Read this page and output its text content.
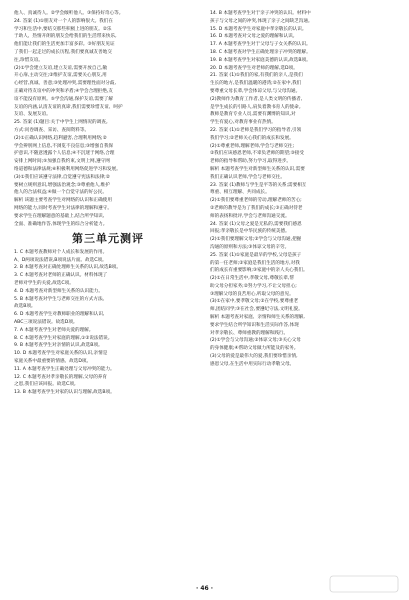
他人、真诚待人。②学会倾听他人。③保持好奇心等。
24. 答案 (1)①朋友对一个人的影响很大。我们在
学习和生活中,要结交那些积极上进的朋友。②乐
于助人、热情开朗的朋友会给我们的生活带来快乐,
他们能让我们的生活更加丰富多彩。③好朋友见证
了我们一起走过的成长历程,我们要真诚友善地交
往,珍惜友谊。
(2)①学会建立友谊,建立友谊,需要开放自己,敞
开心扉,主动交往;②维护友谊,需要关心朋友,用
心经营,真诚、善意;③处理冲突,需要理性面对分歧,
正确对待友谊中的冲突和矛盾;④学会合理拒绝,友
谊不能没有原则。⑤学会沟通,保护友谊,需要了解
友谊的内涵,认清友谊的真谛,我们需要珍惜友谊、呵护
友谊、发展友谊。
25. 答案 (1)题目:关于中学生上网情况的调查。
方式:问卷调查、采访、查阅资料等。
(2)①正确认识网络,趋利避害,合理利用网络;②
学会辨别网上信息,不浏览不良信息;③增强自我保
护意识,不随意透露个人信息;④不沉迷于网络,合理
安排上网时间;⑤加强自我约束,文明上网,遵守网
络道德和法律法规;⑥积极利用网络促进学习和发展。
(3)①我们应该遵守法律,自觉遵守宪法和法律;②
要树立规则意识,增强法治观念;③尊重他人,维护
他人的合法权益;④做一个自觉守法的好公民。
解析 该题主要考查学生对网络的认识和正确使用
网络的能力,同时考查学生对法律的理解和遵守。
要求学生在理解题意的基础上,结合所学知识,
全面、准确地作答,体现学生的综合分析能力。
第三单元测评
1. C 本题考查教师对个人成长和发展的作用。
A、D两项说法错误,B项说法片面。故选C项。
2. B 本题考查对正确处理师生关系的认识,故选B项。
3. C 本题考查对老师的正确认识。材料体现了
老师对学生的关爱,故选C项。
4. D 本题考查对新型师生关系的认识能力。
5. B 本题考查对学生与老师交往的方式方法。
故选B项。
6. D 本题考查学生对教师职业的理解和认识,
ABC三项说法错误。故选D项。
7. A 本题考查学生对老师关爱的理解。
8. C 本题考查学生对家庭的理解,①②说法错误。
9. B 本题考查学生对亲情的认识,故选B项。
10. D 本题考查学生对家庭关系的认识,亲情是
家庭关系中最重要的情感。故选D项。
11. A 本题考查学生正确处理与父母冲突的能力。
12. C 本题考查对孝亲敬长的理解,父母的养育
之恩,我们应该回报。故选C项。
13. B 本题考查学生对家的认识与理解,故选B项。
14. B 本题考查学生对于亲子冲突的认识。材料中
孩子与父母之间的冲突,体现了亲子之间缺乏沟通。
15. D 本题考查学生对家庭中孝亲敬长的认识。
16. D 本题考查对父母之爱的理解和认识。
17. A 本题考查学生对于父母与子女关系的认识。
18. C 本题考查对学生正确处理亲子冲突的理解。
19. B 本题考查学生对家庭美德的认识,故选B项。
20. D 本题考查学生对老师的理解,选D项。
21. 答案 (1)①我们的家,有我们的亲人,是我们
生长的地方,是我们温暖的港湾;②在家中,我们
要尊重父母长辈,学会体谅父母,与父母沟通。
(2)教师作为教育工作者,是人类文明的传播者,
是学生成长的引路人,肩负着教书育人的使命。
教师是教育专业人员,需要有渊博的知识,对
学生有爱心,对教育事业有热情。
22. 答案 (1)①老师是我们学习的指导者,引领
我们学习;②老师关心我们的成长和发展。
(2)①尊重老师,理解老师,学会与老师交往;
②我们应该感恩老师,不辜负老师的期望;③接受
老师的指导和帮助,努力学习,取得进步。
解析 本题考查学生对新型师生关系的认识,需要
我们正确认识老师,学会与老师交往。
23. 答案 (1)教师与学生是平等的关系;需要相互
尊重、相互理解、共同成长。
(2)①我们要尊重老师的劳动,理解老师的苦心;
②老师的教导是为了我们的成长;③正确对待老
师的表扬和批评,学会与老师沟通交流。
24. 答案 (1)父母之爱是无私的,需要我们感恩
回报;孝亲敬长是中华民族的传统美德。
(2)①我们要理解父母;②学会与父母沟通,把握
沟通的原则和方法;③体谅父母的辛劳。
25. 答案 (1)①家庭是最早的学校,父母是孩子
的第一任老师;②家庭是我们生活的地方,对我
们的成长有重要影响;③家庭中的亲人关心我们。
(2)①在日常生活中,孝敬父母,尊敬长辈,帮
助父母分担家务;②努力学习,不让父母担心;
③理解父母的良苦用心,听取父母的意见。
(3)①在家中,要孝敬父母;②在学校,要尊重老
师,团结同学;③在社会,要遵纪守法,文明礼貌。
解析 本题考查对家庭、亲情和师生关系的理解,
要求学生结合所学知识和生活实际作答,体现
对孝亲敬长、尊师重教的理解和践行。
(2)①学会与父母沟通;②体谅父母;③关心父母
的身体健康;④帮助父母做力所能及的家务。
(3)父母的爱是最伟大的爱,我们要珍惜亲情,
感恩父母,在生活中用实际行动孝敬父母。
· 46 ·
